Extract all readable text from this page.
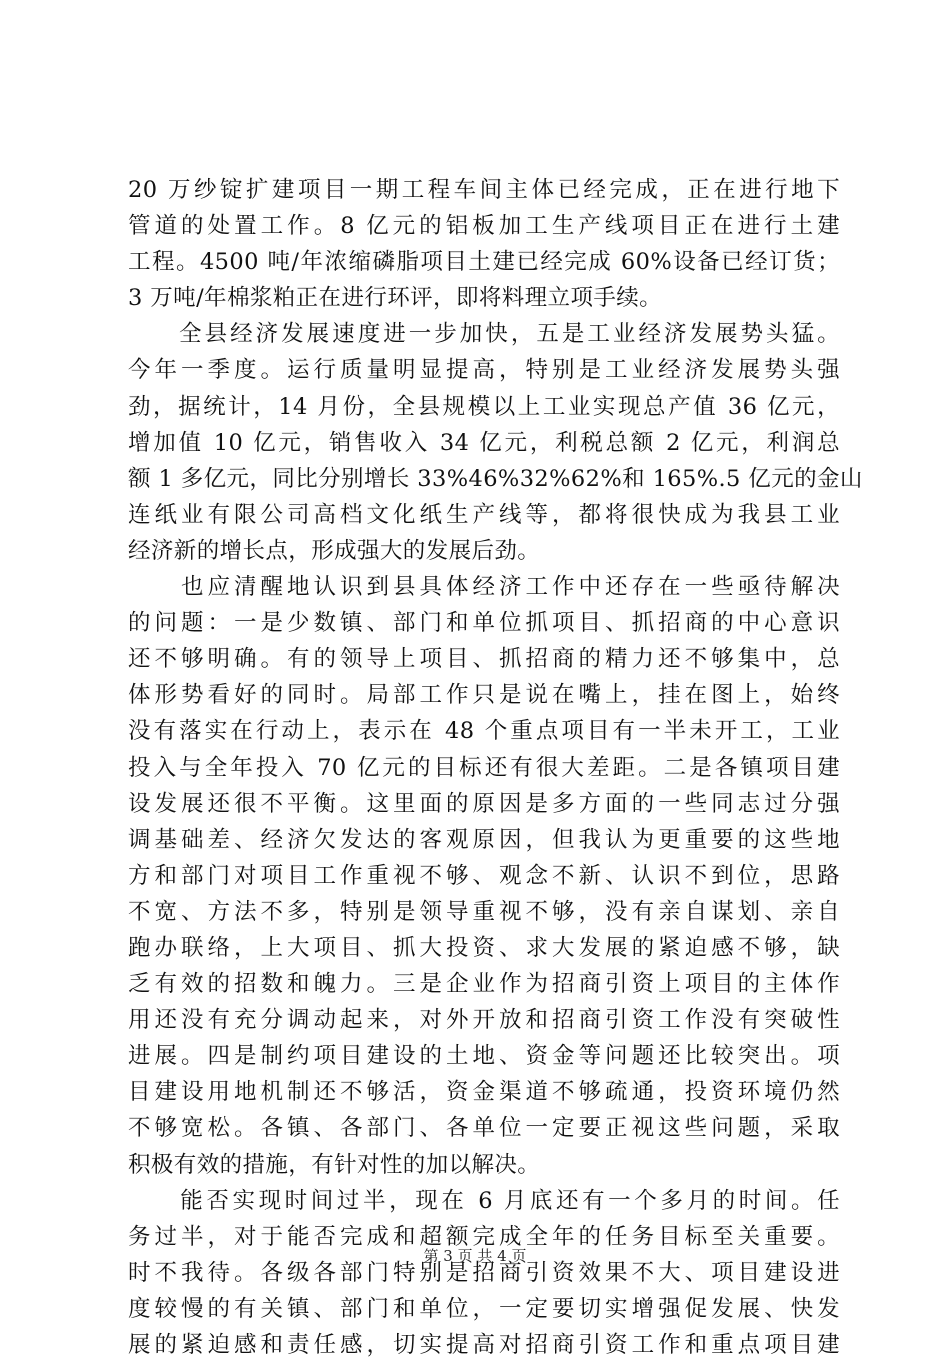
20 万纱锭扩建项目一期工程车间主体已经完成，正在进行地下
管道的处置工作。8 亿元的铝板加工生产线项目正在进行土建
工程。4500 吨/年浓缩磷脂项目土建已经完成 60%设备已经订货；
3 万吨/年棉浆粕正在进行环评，即将料理立项手续。
　　全县经济发展速度进一步加快，五是工业经济发展势头猛。
今年一季度。运行质量明显提高，特别是工业经济发展势头强
劲，据统计，14 月份，全县规模以上工业实现总产值 36 亿元，
增加值 10 亿元，销售收入 34 亿元，利税总额 2 亿元，利润总
额 1 多亿元，同比分别增长 33%46%32%62%和 165%.5 亿元的金山
连纸业有限公司高档文化纸生产线等，都将很快成为我县工业
经济新的增长点，形成强大的发展后劲。
　　也应清醒地认识到县具体经济工作中还存在一些亟待解决
的问题：一是少数镇、部门和单位抓项目、抓招商的中心意识
还不够明确。有的领导上项目、抓招商的精力还不够集中，总
体形势看好的同时。局部工作只是说在嘴上，挂在图上，始终
没有落实在行动上，表示在 48 个重点项目有一半未开工，工业
投入与全年投入 70 亿元的目标还有很大差距。二是各镇项目建
设发展还很不平衡。这里面的原因是多方面的一些同志过分强
调基础差、经济欠发达的客观原因，但我认为更重要的这些地
方和部门对项目工作重视不够、观念不新、认识不到位，思路
不宽、方法不多，特别是领导重视不够，没有亲自谋划、亲自
跑办联络，上大项目、抓大投资、求大发展的紧迫感不够，缺
乏有效的招数和魄力。三是企业作为招商引资上项目的主体作
用还没有充分调动起来，对外开放和招商引资工作没有突破性
进展。四是制约项目建设的土地、资金等问题还比较突出。项
目建设用地机制还不够活，资金渠道不够疏通，投资环境仍然
不够宽松。各镇、各部门、各单位一定要正视这些问题，采取
积极有效的措施，有针对性的加以解决。
　　能否实现时间过半，现在 6 月底还有一个多月的时间。任
务过半，对于能否完成和超额完成全年的任务目标至关重要。
时不我待。各级各部门特别是招商引资效果不大、项目建设进
度较慢的有关镇、部门和单位，一定要切实增强促发展、快发
展的紧迫感和责任感，切实提高对招商引资工作和重点项目建
第 3 页 共 4 页
